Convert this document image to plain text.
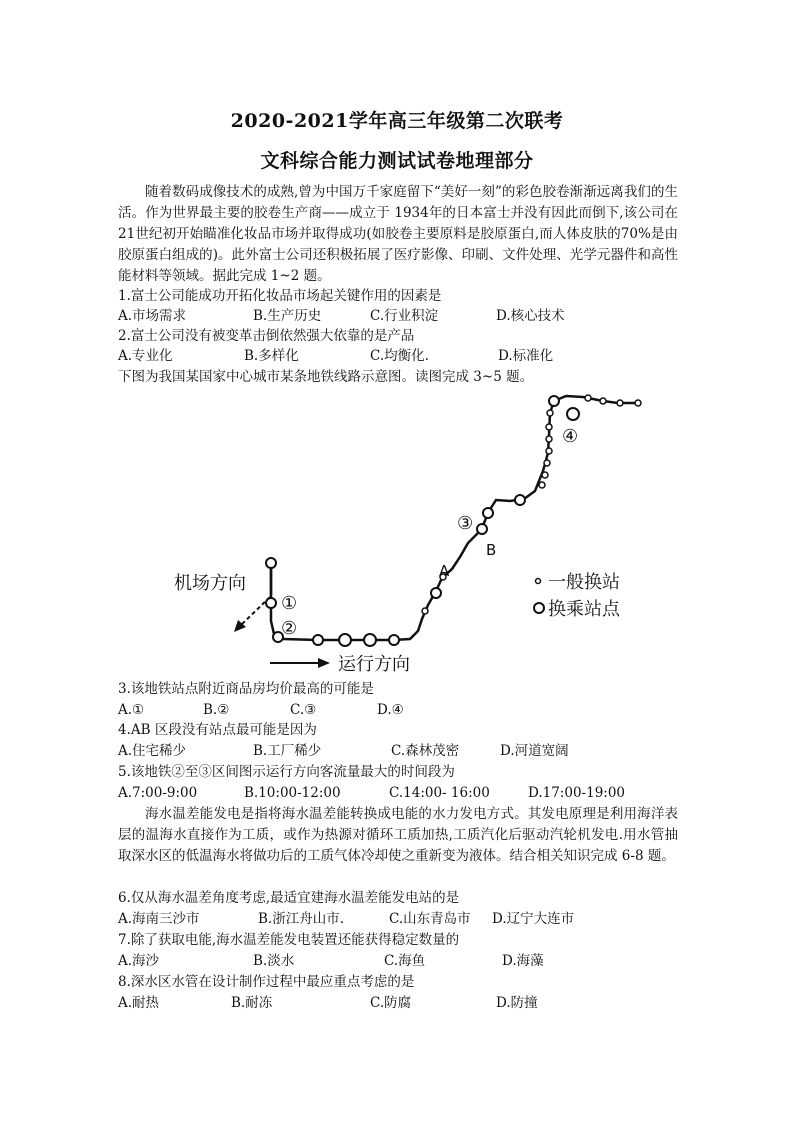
2020-2021学年高三年级第二次联考
文科综合能力测试试卷地理部分
随着数码成像技术的成熟,曾为中国万千家庭留下“美好一刻”的彩色胶卷渐渐远离我们的生活。作为世界最主要的胶卷生产商——成立于 1934年的日本富士并没有因此而倒下,该公司在 21世纪初开始瞄准化妆品市场并取得成功(如胶卷主要原料是胶原蛋白,而人体皮肤的70%是由胶原蛋白组成的)。此外富士公司还积极拓展了医疗影像、印刷、文件处理、光学元器件和高性能材料等领域。据此完成 1~2 题。
1.富士公司能成功开拓化妆品市场起关键作用的因素是
A.市场需求	B.生产历史	C.行业积淀	D.核心技术
2.富士公司没有被变革击倒依然强大依靠的是产品
A.专业化	B.多样化	C.均衡化.	D.标准化
下图为我国某国家中心城市某条地铁线路示意图。读图完成 3~5 题。
①
②
③
④
A
B
机场方向
运行方向
一般换站
换乘站点
3.该地铁站点附近商品房均价最高的可能是
A.①	B.②	C.③	D.④
4.AB 区段没有站点最可能是因为
A.住宅稀少	B.工厂稀少	C.森林茂密	D.河道宽阔
5.该地铁②至③区间图示运行方向客流量最大的时间段为
A.7:00-9:00	B.10:00-12:00	C.14:00- 16:00	D.17:00-19:00
海水温差能发电是指将海水温差能转换成电能的水力发电方式。其发电原理是利用海洋表层的温海水直接作为工质，或作为热源对循环工质加热,工质汽化后驱动汽轮机发电.用水管抽取深水区的低温海水将做功后的工质气体冷却使之重新变为液体。结合相关知识完成 6-8 题。
6.仅从海水温差角度考虑,最适宜建海水温差能发电站的是
A.海南三沙市	B.浙江舟山市.	C.山东青岛市 D.辽宁大连市
7.除了获取电能,海水温差能发电装置还能获得稳定数量的
A.海沙	B.淡水	C.海鱼	D.海藻
8.深水区水管在设计制作过程中最应重点考虑的是
A.耐热	B.耐冻	C.防腐	D.防撞
